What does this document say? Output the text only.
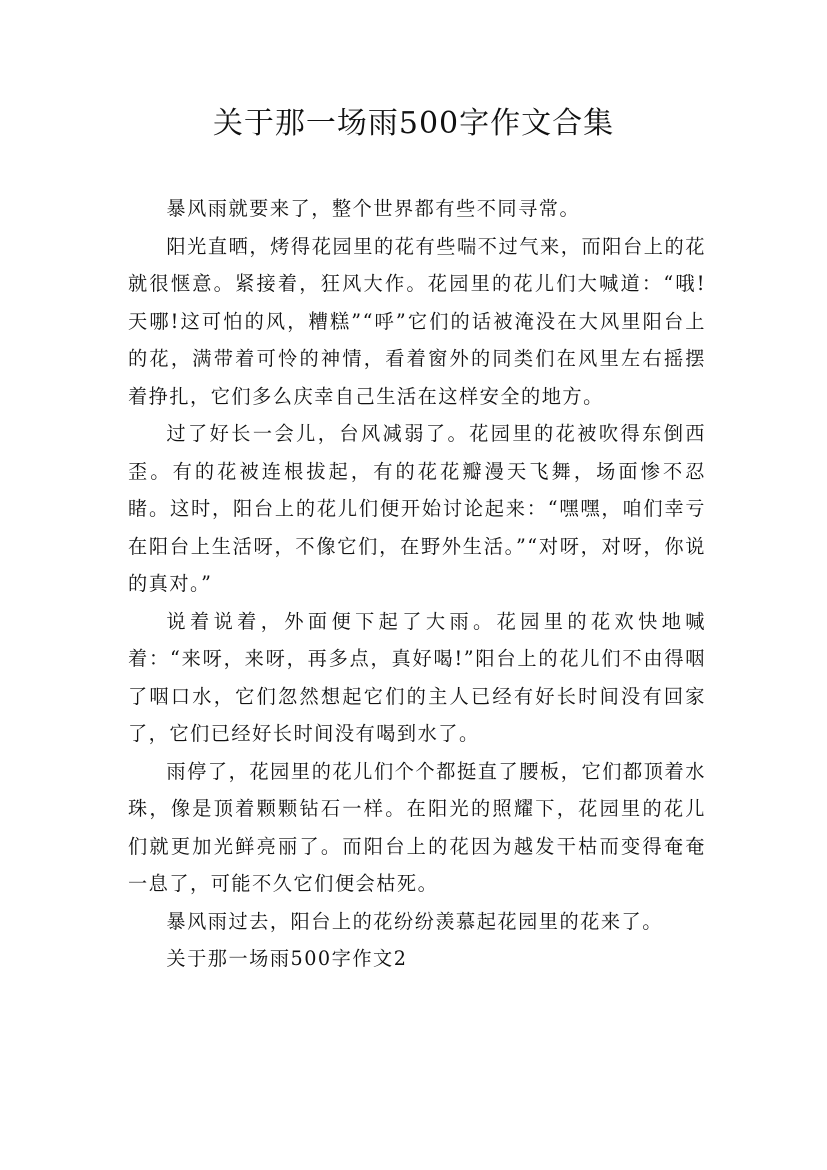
关于那一场雨500字作文合集

暴风雨就要来了，整个世界都有些不同寻常。

阳光直晒，烤得花园里的花有些喘不过气来，而阳台上的花就很惬意。紧接着，狂风大作。花园里的花儿们大喊道：“哦!天哪!这可怕的风，糟糕”“呼”它们的话被淹没在大风里阳台上的花，满带着可怜的神情，看着窗外的同类们在风里左右摇摆着挣扎，它们多么庆幸自己生活在这样安全的地方。

过了好长一会儿，台风减弱了。花园里的花被吹得东倒西歪。有的花被连根拔起，有的花花瓣漫天飞舞，场面惨不忍睹。这时，阳台上的花儿们便开始讨论起来：“嘿嘿，咱们幸亏在阳台上生活呀，不像它们，在野外生活。”“对呀，对呀，你说的真对。”

说着说着，外面便下起了大雨。花园里的花欢快地喊着：“来呀，来呀，再多点，真好喝!”阳台上的花儿们不由得咽了咽口水，它们忽然想起它们的主人已经有好长时间没有回家了，它们已经好长时间没有喝到水了。

雨停了，花园里的花儿们个个都挺直了腰板，它们都顶着水珠，像是顶着颗颗钻石一样。在阳光的照耀下，花园里的花儿们就更加光鲜亮丽了。而阳台上的花因为越发干枯而变得奄奄一息了，可能不久它们便会枯死。

暴风雨过去，阳台上的花纷纷羡慕起花园里的花来了。

关于那一场雨500字作文2
